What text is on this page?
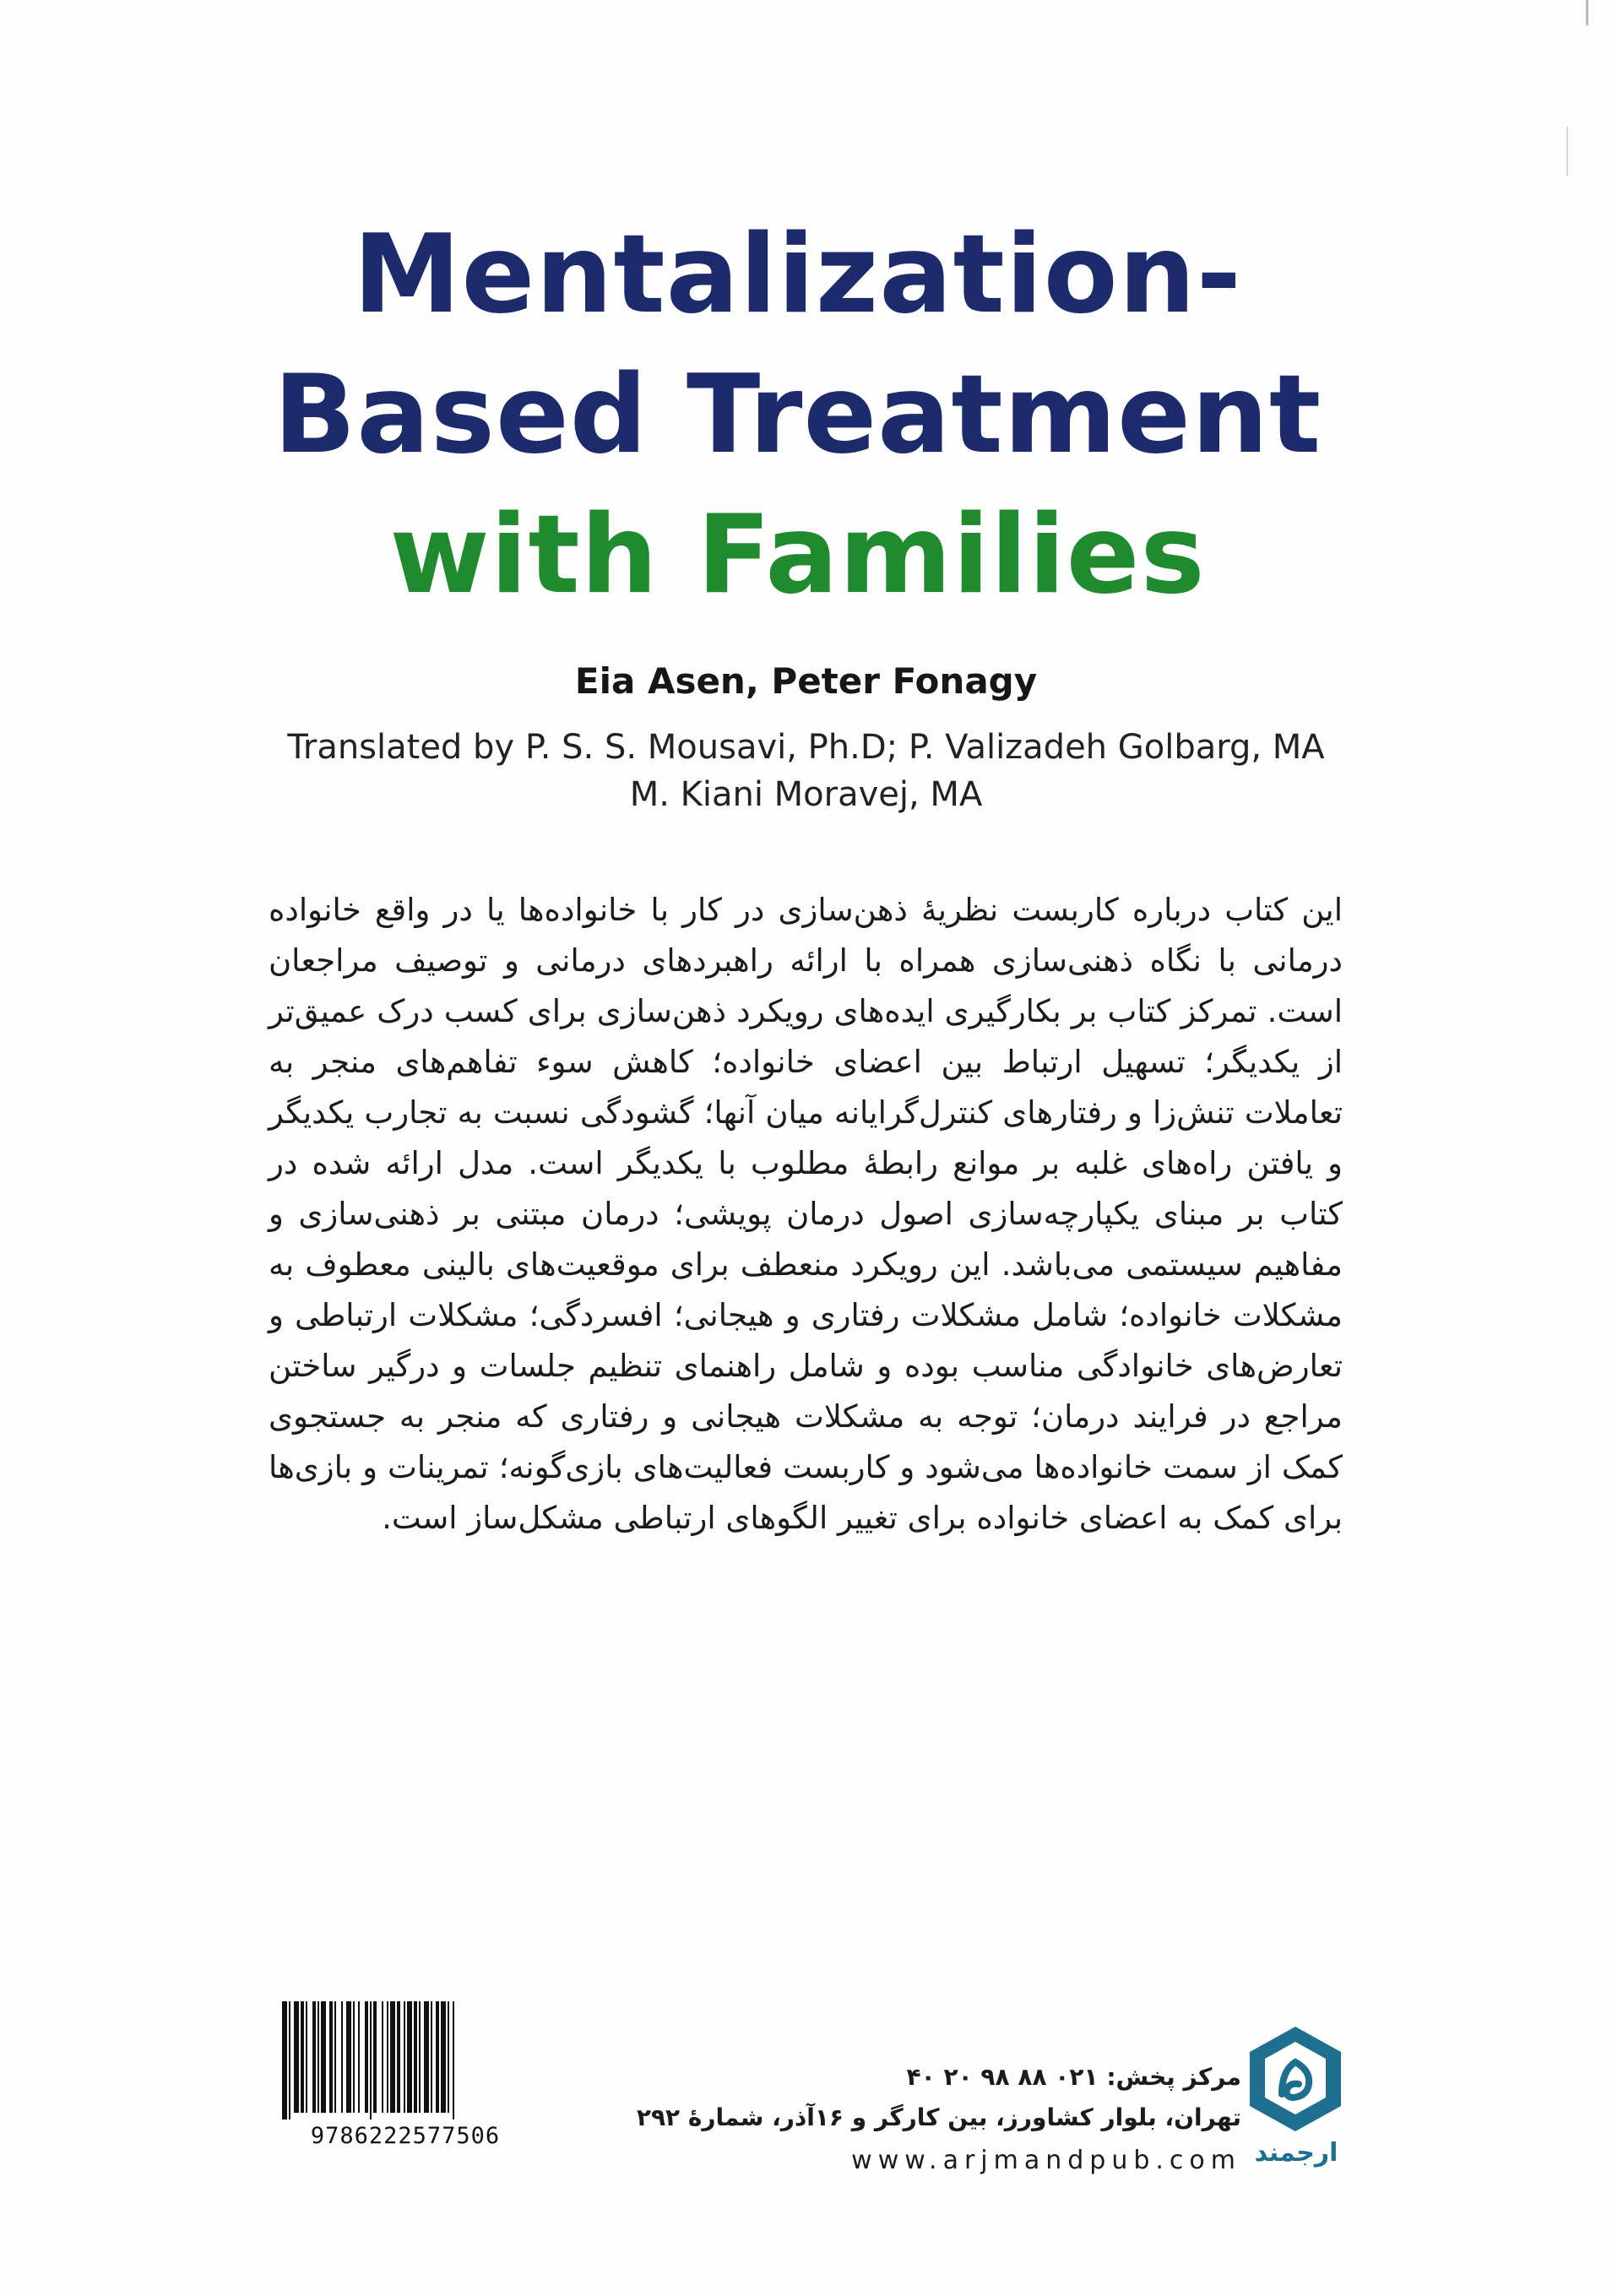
Mentalization-
Based Treatment
with Families
Eia Asen, Peter Fonagy
Translated by P. S. S. Mousavi, Ph.D; P. Valizadeh Golbarg, MA
M. Kiani Moravej, MA
این کتاب درباره کاربست نظریهٔ ذهن‌سازی در کار با خانواده‌ها یا در واقع خانواده درمانی با نگاه ذهنی‌سازی همراه با ارائه راهبردهای درمانی و توصیف مراجعان است. تمرکز کتاب بر بکارگیری ایده‌های رویکرد ذهن‌سازی برای کسب درک عمیق‌تر از یکدیگر؛ تسهیل ارتباط بین اعضای خانواده؛ کاهش سوء تفاهم‌های منجر به تعاملات تنش‌زا و رفتارهای کنترل‌گرایانه میان آنها؛ گشودگی نسبت به تجارب یکدیگر و یافتن راه‌های غلبه بر موانع رابطهٔ مطلوب با یکدیگر است. مدل ارائه شده در کتاب بر مبنای یکپارچه‌سازی اصول درمان پویشی؛ درمان مبتنی بر ذهنی‌سازی و مفاهیم سیستمی می‌باشد. این رویکرد منعطف برای موقعیت‌های بالینی معطوف به مشکلات خانواده؛ شامل مشکلات رفتاری و هیجانی؛ افسردگی؛ مشکلات ارتباطی و تعارض‌های خانوادگی مناسب بوده و شامل راهنمای تنظیم جلسات و درگیر ساختن مراجع در فرایند درمان؛ توجه به مشکلات هیجانی و رفتاری که منجر به جستجوی کمک از سمت خانواده‌ها می‌شود و کاربست فعالیت‌های بازی‌گونه؛ تمرینات و بازی‌ها برای کمک به اعضای خانواده برای تغییر الگوهای ارتباطی مشکل‌ساز است.
9786222577506
مرکز پخش: ۰۲۱ ۸۸ ۹۸ ۲۰ ۴۰
تهران، بلوار کشاورز، بین کارگر و ۱۶آذر، شمارهٔ ۲۹۲
www.arjmandpub.com ارجمند
